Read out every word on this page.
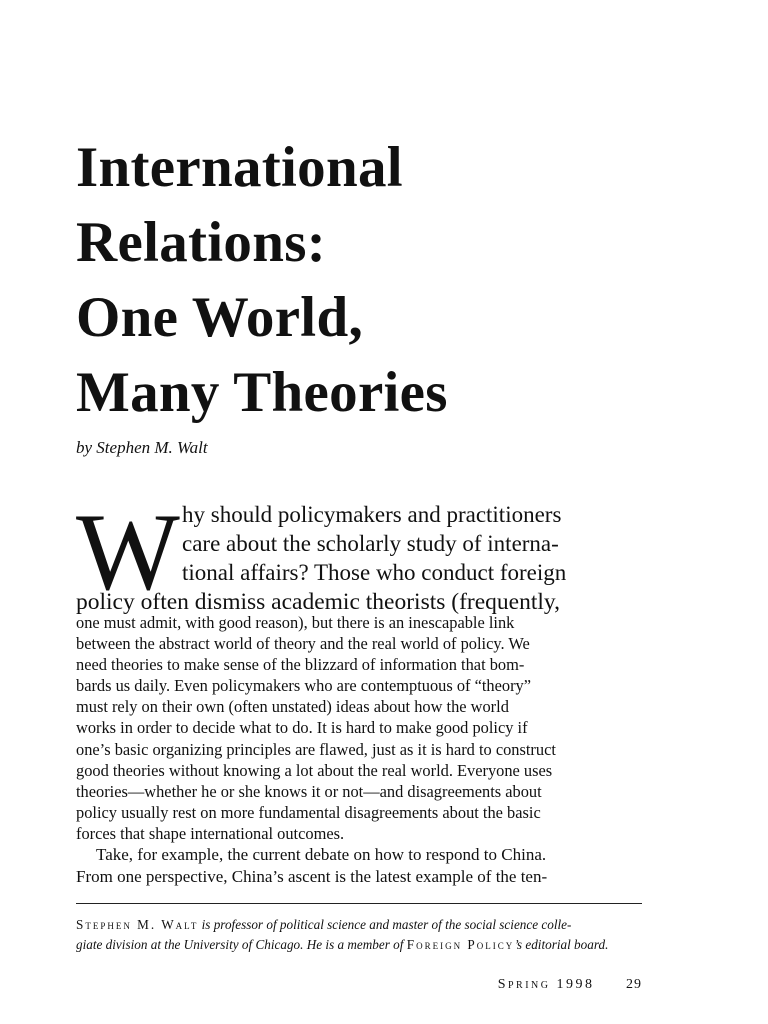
International
Relations:
One World,
Many Theories
by Stephen M. Walt
W hy should policymakers and practitioners
care about the scholarly study of interna-
tional affairs? Those who conduct foreign
policy often dismiss academic theorists (frequently,
one must admit, with good reason), but there is an inescapable link
between the abstract world of theory and the real world of policy. We
need theories to make sense of the blizzard of information that bom-
bards us daily. Even policymakers who are contemptuous of “theory”
must rely on their own (often unstated) ideas about how the world
works in order to decide what to do. It is hard to make good policy if
one’s basic organizing principles are flawed, just as it is hard to construct
good theories without knowing a lot about the real world. Everyone uses
theories—whether he or she knows it or not—and disagreements about
policy usually rest on more fundamental disagreements about the basic
forces that shape international outcomes.
Take, for example, the current debate on how to respond to China.
From one perspective, China’s ascent is the latest example of the ten-
Stephen M. Walt is professor of political science and master of the social science colle-
giate division at the University of Chicago. He is a member of Foreign Policy’s editorial board.
Spring 1998 29
